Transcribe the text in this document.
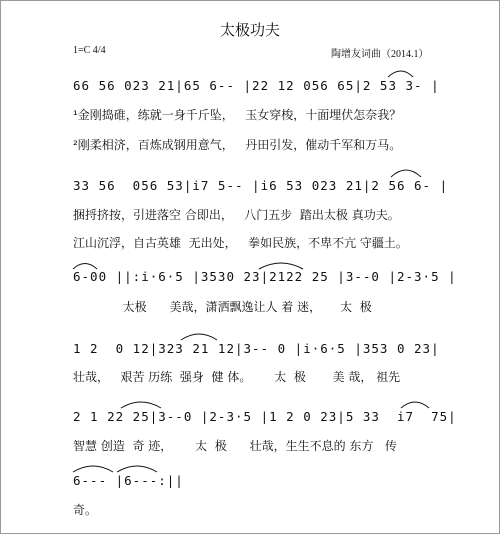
太极功夫
1=C 4/4	陶增友词曲（2014.1）
66 56 023 21|65 6-- |22 12 056 65|2 53 3- |
¹金刚捣碓，练就一身千斤坠，   玉女穿梭，十面埋伏怎奈我？
²刚柔相济，百炼成钢用意气，   丹田引发，催动千军和万马。
33 56  056 53|i7 5-- |i6 53 023 21|2 56 6- |
捆捋挤按，引进落空 合即出，   八门五步  踏出太极 真功夫。
江山沉浮，自古英雄  无出处，   拳如民族，不卑不亢 守疆土。
6-00 ||:i·6·5 |3530 23|2122 25 |3--0 |2-3·5 |
太极      美哉，潇洒飘逸让人 着 迷，     太  极
1 2  0 12|323 21 12|3-- 0 |i·6·5 |353 0 23|
壮哉，   艰苦 历练  强身  健 体。      太  极       美 哉， 祖先
2 1 22 25|3--0 |2-3·5 |1 2 0 23|5 33  i7  75|
智慧 创造  奇 迹，      太  极      壮哉，生生不息的 东方   传
6--- |6---:||
奇。
